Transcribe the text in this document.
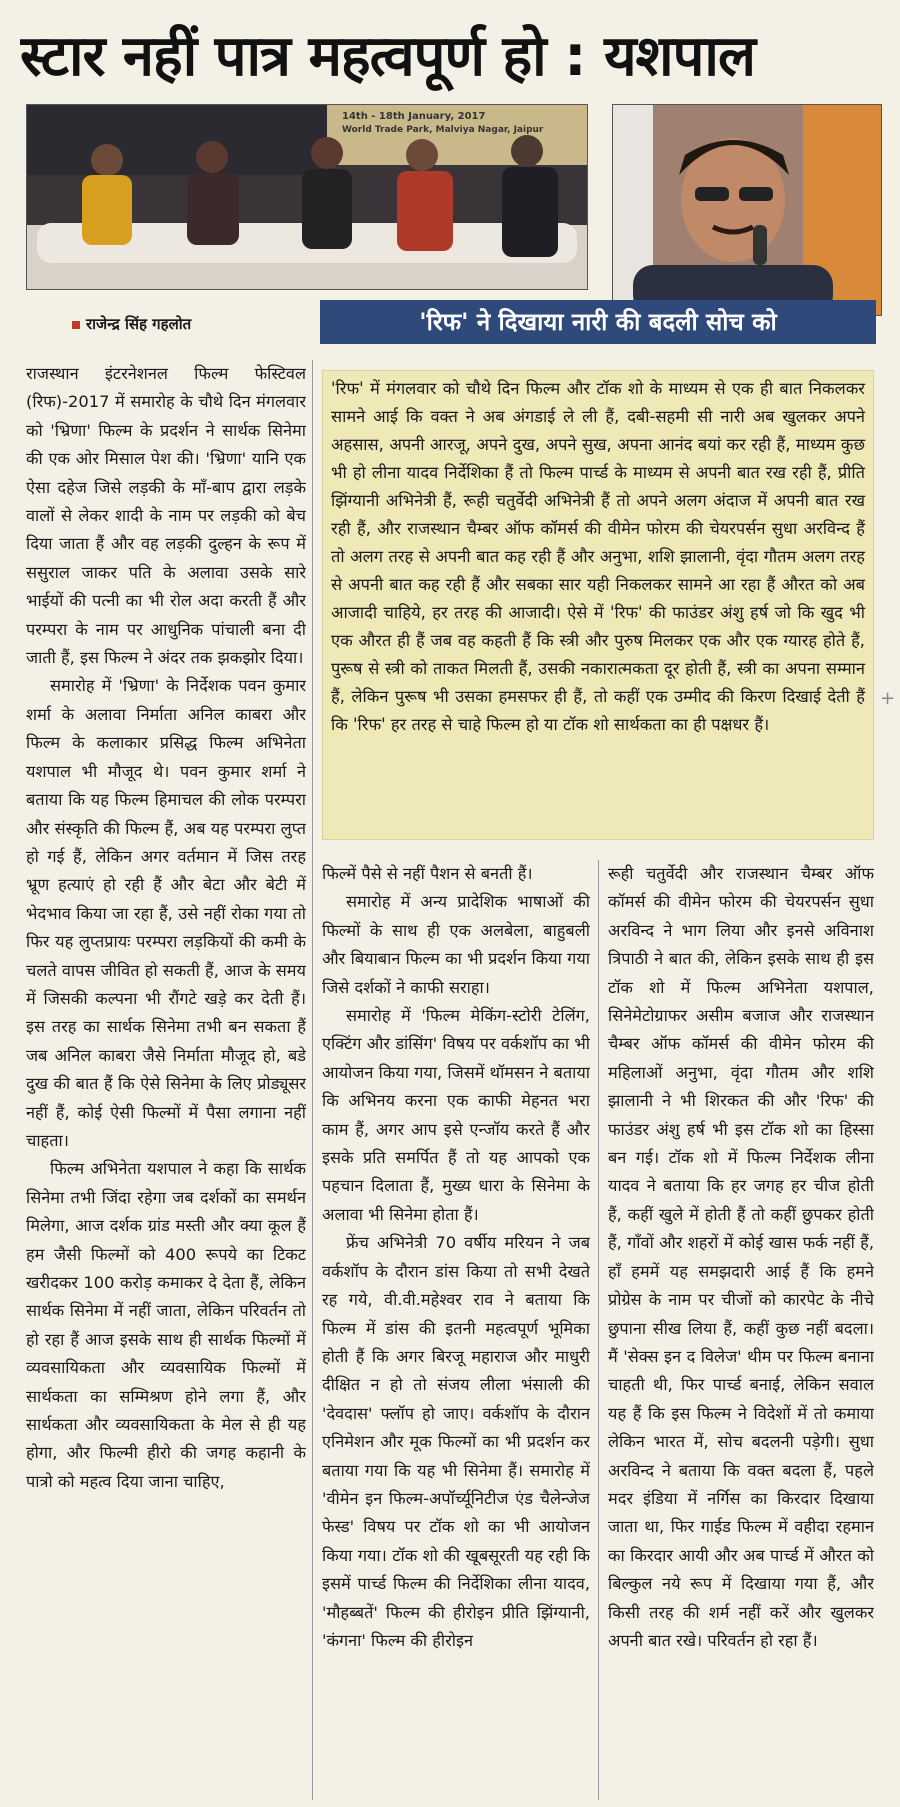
स्टार नहीं पात्र महत्वपूर्ण हो : यशपाल
14th - 18th January, 2017
World Trade Park, Malviya Nagar, Jaipur
राजेन्द्र सिंह गहलोत	'रिफ' ने दिखाया नारी की बदली सोच को
'रिफ' में मंगलवार को चौथे दिन फिल्म और टॉक शो के माध्यम से एक ही बात निकलकर सामने आई कि वक्त ने अब अंगडाई ले ली हैं, दबी-सहमी सी नारी अब खुलकर अपने अहसास, अपनी आरजू, अपने दुख, अपने सुख, अपना आनंद बयां कर रही हैं, माध्यम कुछ भी हो लीना यादव निर्देशिका हैं तो फिल्म पार्च्ड के माध्यम से अपनी बात रख रही हैं, प्रीति झिंग्यानी अभिनेत्री हैं, रूही चतुर्वेदी अभिनेत्री हैं तो अपने अलग अंदाज में अपनी बात रख रही हैं, और राजस्थान चैम्बर ऑफ कॉमर्स की वीमेन फोरम की चेयरपर्सन सुधा अरविन्द हैं तो अलग तरह से अपनी बात कह रही हैं और अनुभा, शशि झालानी, वृंदा गौतम अलग तरह से अपनी बात कह रही हैं और सबका सार यही निकलकर सामने आ रहा हैं औरत को अब आजादी चाहिये, हर तरह की आजादी। ऐसे में 'रिफ' की फाउंडर अंशु हर्ष जो कि खुद भी एक औरत ही हैं जब वह कहती हैं कि स्त्री और पुरुष मिलकर एक और एक ग्यारह होते हैं, पुरूष से स्त्री को ताकत मिलती हैं, उसकी नकारात्मकता दूर होती हैं, स्त्री का अपना सम्मान हैं, लेकिन पुरूष भी उसका हमसफर ही हैं, तो कहीं एक उम्मीद की किरण दिखाई देती हैं कि 'रिफ' हर तरह से चाहे फिल्म हो या टॉक शो सार्थकता का ही पक्षधर हैं।

राजस्थान इंटरनेशनल फिल्म फेस्टिवल (रिफ)-2017 में समारोह के चौथे दिन मंगलवार को 'भ्रिणा' फिल्म के प्रदर्शन ने सार्थक सिनेमा की एक ओर मिसाल पेश की। 'भ्रिणा' यानि एक ऐसा दहेज जिसे लड़की के माँ-बाप द्वारा लड़के वालों से लेकर शादी के नाम पर लड़की को बेच दिया जाता हैं और वह लड़की दुल्हन के रूप में ससुराल जाकर पति के अलावा उसके सारे भाईयों की पत्नी का भी रोल अदा करती हैं और परम्परा के नाम पर आधुनिक पांचाली बना दी जाती हैं, इस फिल्म ने अंदर तक झकझोर दिया।

समारोह में 'भ्रिणा' के निर्देशक पवन कुमार शर्मा के अलावा निर्माता अनिल काबरा और फिल्म के कलाकार प्रसिद्ध फिल्म अभिनेता यशपाल भी मौजूद थे। पवन कुमार शर्मा ने बताया कि यह फिल्म हिमाचल की लोक परम्परा और संस्कृति की फिल्म हैं, अब यह परम्परा लुप्त हो गई हैं, लेकिन अगर वर्तमान में जिस तरह भ्रूण हत्याएं हो रही हैं और बेटा और बेटी में भेदभाव किया जा रहा हैं, उसे नहीं रोका गया तो फिर यह लुप्तप्रायः परम्परा लड़कियों की कमी के चलते वापस जीवित हो सकती हैं, आज के समय में जिसकी कल्पना भी रौंगटे खड़े कर देती हैं। इस तरह का सार्थक सिनेमा तभी बन सकता हैं जब अनिल काबरा जैसे निर्माता मौजूद हो, बडे दुख की बात हैं कि ऐसे सिनेमा के लिए प्रोड्यूसर नहीं हैं, कोई ऐसी फिल्मों में पैसा लगाना नहीं चाहता।

फिल्म अभिनेता यशपाल ने कहा कि सार्थक सिनेमा तभी जिंदा रहेगा जब दर्शकों का समर्थन मिलेगा, आज दर्शक ग्रांड मस्ती और क्या कूल हैं हम जैसी फिल्मों को 400 रूपये का टिकट खरीदकर 100 करोड़ कमाकर दे देता हैं, लेकिन सार्थक सिनेमा में नहीं जाता, लेकिन परिवर्तन तो हो रहा हैं आज इसके साथ ही सार्थक फिल्मों में व्यवसायिकता और व्यवसायिक फिल्मों में सार्थकता का सम्मिश्रण होने लगा हैं, और सार्थकता और व्यवसायिकता के मेल से ही यह होगा, और फिल्मी हीरो की जगह कहानी के पात्रो को महत्व दिया जाना चाहिए,

फिल्में पैसे से नहीं पैशन से बनती हैं।

समारोह में अन्य प्रादेशिक भाषाओं की फिल्मों के साथ ही एक अलबेला, बाहुबली और बियाबान फिल्म का भी प्रदर्शन किया गया जिसे दर्शकों ने काफी सराहा।

समारोह में 'फिल्म मेकिंग-स्टोरी टेलिंग, एक्टिंग और डांसिंग' विषय पर वर्कशॉप का भी आयोजन किया गया, जिसमें थॉमसन ने बताया कि अभिनय करना एक काफी मेहनत भरा काम हैं, अगर आप इसे एन्जॉय करते हैं और इसके प्रति समर्पित हैं तो यह आपको एक पहचान दिलाता हैं, मुख्य धारा के सिनेमा के अलावा भी सिनेमा होता हैं।

फ्रेंच अभिनेत्री 70 वर्षीय मरियन ने जब वर्कशॉप के दौरान डांस किया तो सभी देखते रह गये, वी.वी.महेश्वर राव ने बताया कि फिल्म में डांस की इतनी महत्वपूर्ण भूमिका होती हैं कि अगर बिरजू महाराज और माधुरी दीक्षित न हो तो संजय लीला भंसाली की 'देवदास' फ्लॉप हो जाए। वर्कशॉप के दौरान एनिमेशन और मूक फिल्मों का भी प्रदर्शन कर बताया गया कि यह भी सिनेमा हैं। समारोह में 'वीमेन इन फिल्म-अपॉर्च्यूनिटीज एंड चैलेन्जेज फेस्ड' विषय पर टॉक शो का भी आयोजन किया गया। टॉक शो की खूबसूरती यह रही कि इसमें पार्च्ड फिल्म की निर्देशिका लीना यादव, 'मौहब्बतें' फिल्म की हीरोइन प्रीति झिंग्यानी, 'कंगना' फिल्म की हीरोइन

रूही चतुर्वेदी और राजस्थान चैम्बर ऑफ कॉमर्स की वीमेन फोरम की चेयरपर्सन सुधा अरविन्द ने भाग लिया और इनसे अविनाश त्रिपाठी ने बात की, लेकिन इसके साथ ही इस टॉक शो में फिल्म अभिनेता यशपाल, सिनेमेटोग्राफर असीम बजाज और राजस्थान चैम्बर ऑफ कॉमर्स की वीमेन फोरम की महिलाओं अनुभा, वृंदा गौतम और शशि झालानी ने भी शिरकत की और 'रिफ' की फाउंडर अंशु हर्ष भी इस टॉक शो का हिस्सा बन गई। टॉक शो में फिल्म निर्देशक लीना यादव ने बताया कि हर जगह हर चीज होती हैं, कहीं खुले में होती हैं तो कहीं छुपकर होती हैं, गाँवों और शहरों में कोई खास फर्क नहीं हैं, हाँ हममें यह समझदारी आई हैं कि हमने प्रोग्रेस के नाम पर चीजों को कारपेट के नीचे छुपाना सीख लिया हैं, कहीं कुछ नहीं बदला। मैं 'सेक्स इन द विलेज' थीम पर फिल्म बनाना चाहती थी, फिर पार्च्ड बनाई, लेकिन सवाल यह हैं कि इस फिल्म ने विदेशों में तो कमाया लेकिन भारत में, सोच बदलनी पड़ेगी। सुधा अरविन्द ने बताया कि वक्त बदला हैं, पहले मदर इंडिया में नर्गिस का किरदार दिखाया जाता था, फिर गाईड फिल्म में वहीदा रहमान का किरदार आयी और अब पार्च्ड में औरत को बिल्कुल नये रूप में दिखाया गया हैं, और किसी तरह की शर्म नहीं करें और खुलकर अपनी बात रखे। परिवर्तन हो रहा हैं।

+
